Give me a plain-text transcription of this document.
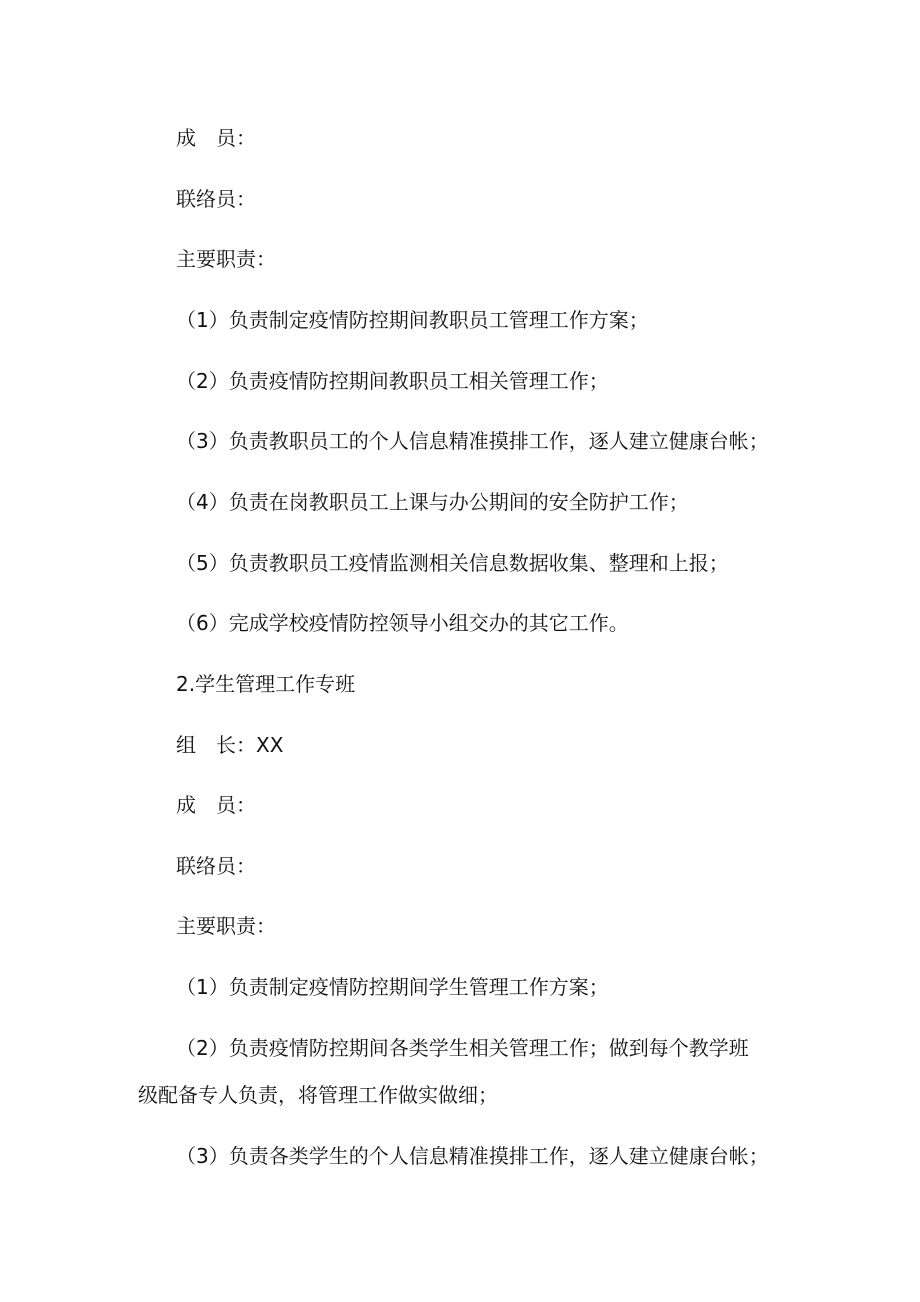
成　员：
联络员：
主要职责：
（1）负责制定疫情防控期间教职员工管理工作方案；
（2）负责疫情防控期间教职员工相关管理工作；
（3）负责教职员工的个人信息精准摸排工作，逐人建立健康台帐；
（4）负责在岗教职员工上课与办公期间的安全防护工作；
（5）负责教职员工疫情监测相关信息数据收集、整理和上报；
（6）完成学校疫情防控领导小组交办的其它工作。
2.学生管理工作专班
组　长：XX
成　员：
联络员：
主要职责：
（1）负责制定疫情防控期间学生管理工作方案；
（2）负责疫情防控期间各类学生相关管理工作；做到每个教学班
级配备专人负责，将管理工作做实做细；
（3）负责各类学生的个人信息精准摸排工作，逐人建立健康台帐；
